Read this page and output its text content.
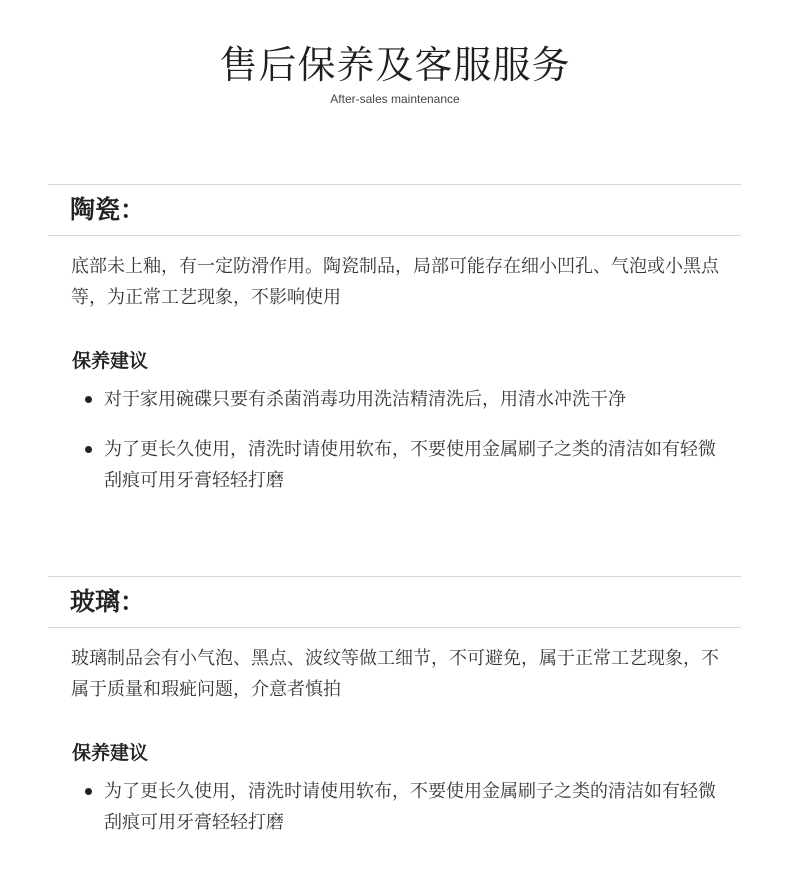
售后保养及客服服务
After-sales maintenance
陶瓷：
底部未上釉，有一定防滑作用。陶瓷制品，局部可能存在细小凹孔、气泡或小黑点等，为正常工艺现象，不影响使用
保养建议
对于家用碗碟只要有杀菌消毒功用洗洁精清洗后，用清水冲洗干净
为了更长久使用，清洗时请使用软布，不要使用金属刷子之类的清洁如有轻微刮痕可用牙膏轻轻打磨
玻璃：
玻璃制品会有小气泡、黑点、波纹等做工细节，不可避免，属于正常工艺现象，不属于质量和瑕疵问题，介意者慎拍
保养建议
为了更长久使用，清洗时请使用软布，不要使用金属刷子之类的清洁如有轻微刮痕可用牙膏轻轻打磨
